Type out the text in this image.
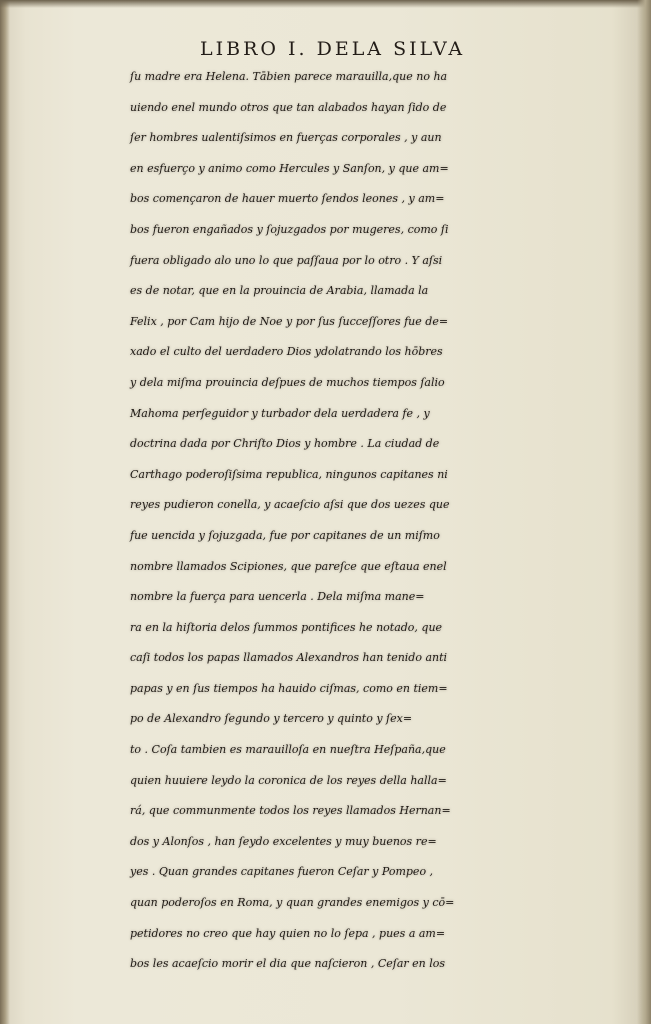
LIBRO I. DELA SILVA
ſu madre era Helena. Tābien parece marauilla,que no ha
uiendo enel mundo otros que tan alabados hayan ſido de
ſer hombres ualentiſsimos en fuerças corporales , y aun
en esfuerço y animo como Hercules y Sanſon, y que am=
bos començaron de hauer muerto ſendos leones , y am=
bos fueron engañados y ſojuzgados por mugeres, como ſi
fuera obligado alo uno lo que paſſaua por lo otro . Y aſsi
es de notar, que en la prouincia de Arabia, llamada la
Felix , por Cam hijo de Noe y por ſus ſucceſſores fue de=
xado el culto del uerdadero Dios ydolatrando los hōbres
y dela miſma prouincia deſpues de muchos tiempos ſalio
Mahoma perſeguidor y turbador dela uerdadera fe , y
doctrina dada por Chriſto Dios y hombre . La ciudad de
Carthago poderoſiſsima republica, ningunos capitanes ni
reyes pudieron conella, y acaeſcio aſsi que dos uezes que
fue uencida y ſojuzgada, fue por capitanes de un miſmo
nombre llamados Scipiones, que pareſce que eſtaua enel
nombre la fuerça para uencerla . Dela miſma mane=
ra en la hiſtoria delos ſummos pontifices he notado, que
caſi todos los papas llamados Alexandros han tenido anti
papas y en ſus tiempos ha hauido ciſmas, como en tiem=
po de Alexandro ſegundo y tercero y quinto y ſex=
to . Coſa tambien es marauilloſa en nueſtra Heſpaña,que
quien huuiere leydo la coronica de los reyes della halla=
rá, que communmente todos los reyes llamados Hernan=
dos y Alonſos , han ſeydo excelentes y muy buenos re=
yes . Quan grandes capitanes fueron Ceſar y Pompeo ,
quan poderoſos en Roma, y quan grandes enemigos y cō=
petidores no creo que hay quien no lo ſepa , pues a am=
bos les acaeſcio morir el dia que naſcieron , Ceſar en los
